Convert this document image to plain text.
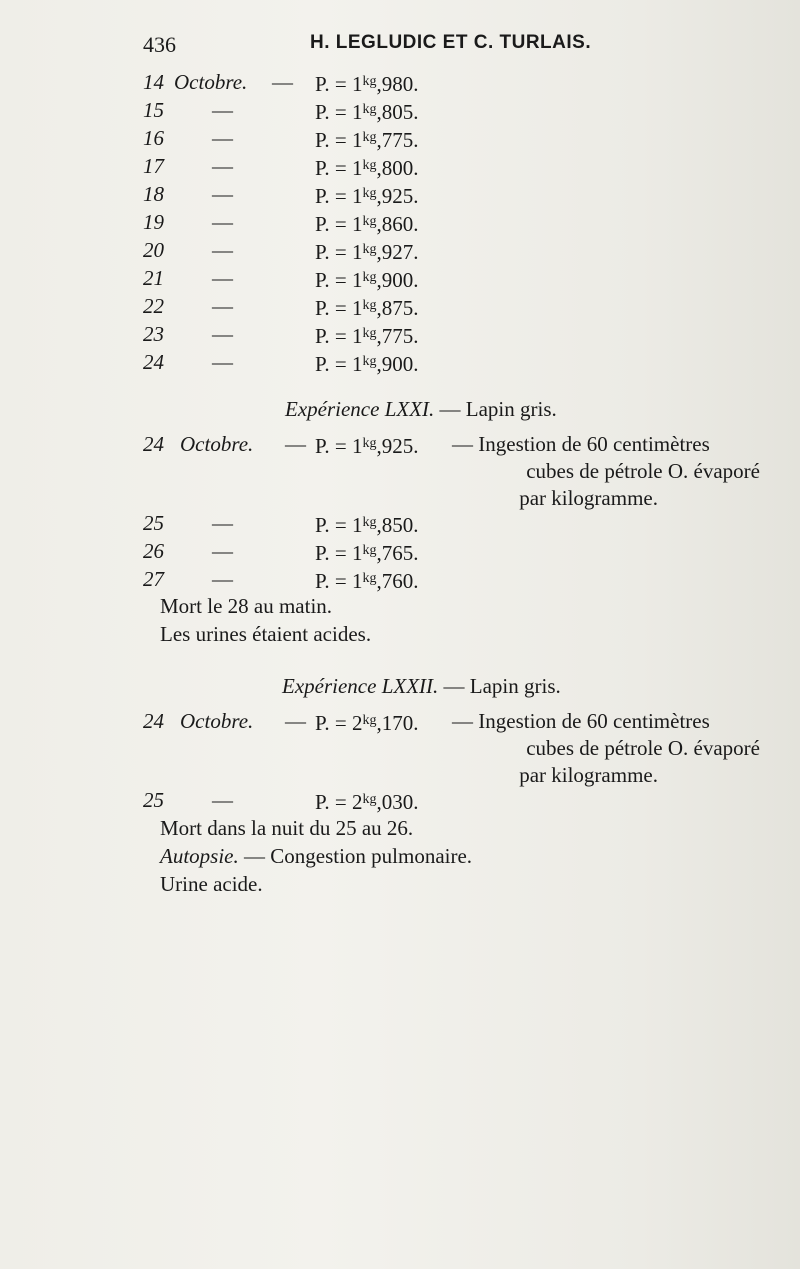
436	H. LEGLUDIC ET C. TURLAIS.
14 Octobre. — P. = $1^{kg},980$.
15 —	P. = $1^{kg},805$.
16 —	P. = $1^{kg},775$.
17 —	P. = $1^{kg},800$.
18 —	P. = $1^{kg},925$.
19 —	P. = $1^{kg},860$.
20 —	P. = $1^{kg},927$.
21 —	P. = $1^{kg},900$.
22 —	P. = $1^{kg},875$.
23 —	P. = $1^{kg},775$.
24 —	P. = $1^{kg},900$.
Expérience LXXI. — Lapin gris.
24 Octobre. — P. = $1^{kg},925$. — Ingestion de 60 centimètres
cubes de pétrole O. évaporé
par kilogramme.
25 —	P. = $1^{kg},850$.
26 —	P. = $1^{kg},765$.
27 —	P. = $1^{kg},760$.
Mort le 28 au matin.
Les urines étaient acides.
Expérience LXXII. — Lapin gris.
24 Octobre. — P. = $2^{kg},170$. — Ingestion de 60 centimètres
cubes de pétrole O. évaporé
par kilogramme.
25 —	P. = $2^{kg},030$.
Mort dans la nuit du 25 au 26.
Autopsie. — Congestion pulmonaire.
Urine acide.
